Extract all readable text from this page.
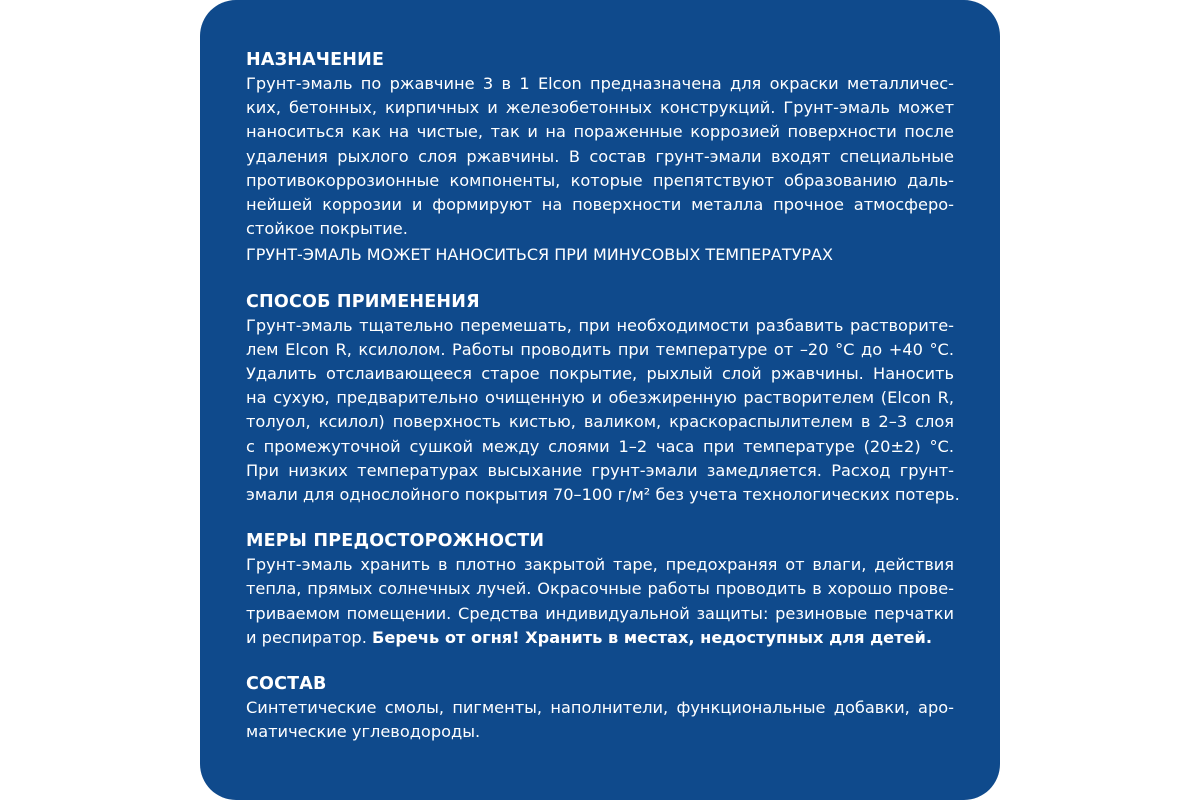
НАЗНАЧЕНИЕ

Грунт-эмаль по ржавчине 3 в 1 Elcon предназначена для окраски металличес-
ких, бетонных, кирпичных и железобетонных конструкций. Грунт-эмаль может
наноситься как на чистые, так и на пораженные коррозией поверхности после
удаления рыхлого слоя ржавчины. В состав грунт-эмали входят специальные
противокоррозионные компоненты, которые препятствуют образованию даль-
нейшей коррозии и формируют на поверхности металла прочное атмосферо-
стойкое покрытие.
ГРУНТ-ЭМАЛЬ МОЖЕТ НАНОСИТЬСЯ ПРИ МИНУСОВЫХ ТЕМПЕРАТУРАХ

СПОСОБ ПРИМЕНЕНИЯ

Грунт-эмаль тщательно перемешать, при необходимости разбавить растворите-
лем Elcon R, ксилолом. Работы проводить при температуре от –20 °С до +40 °С.
Удалить отслаивающееся старое покрытие, рыхлый слой ржавчины. Наносить
на сухую, предварительно очищенную и обезжиренную растворителем (Elcon R,
толуол, ксилол) поверхность кистью, валиком, краскораспылителем в 2–3 слоя
с промежуточной сушкой между слоями 1–2 часа при температуре (20±2) °С.
При низких температурах высыхание грунт-эмали замедляется. Расход грунт-
эмали для однослойного покрытия 70–100 г/м² без учета технологических потерь.

МЕРЫ ПРЕДОСТОРОЖНОСТИ

Грунт-эмаль хранить в плотно закрытой таре, предохраняя от влаги, действия
тепла, прямых солнечных лучей. Окрасочные работы проводить в хорошо прове-
триваемом помещении. Средства индивидуальной защиты: резиновые перчатки
и респиратор. Беречь от огня! Хранить в местах, недоступных для детей.

СОСТАВ

Синтетические смолы, пигменты, наполнители, функциональные добавки, аро-
матические углеводороды.
